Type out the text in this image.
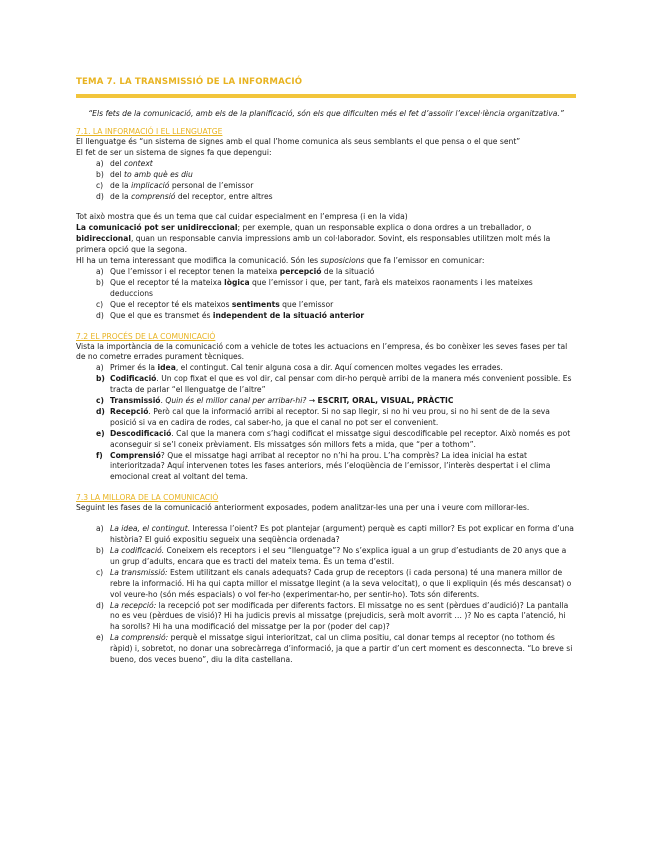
TEMA 7. LA TRANSMISSIÓ DE LA INFORMACIÓ

“Els fets de la comunicació, amb els de la planificació, són els que dificulten més el fet d’assolir l’excel·lència organitzativa.”

7.1. LA INFORMACIÓ I EL LLENGUATGE

El llenguatge és “un sistema de signes amb el qual l’home comunica als seus semblants el que pensa o el que sent”

El fet de ser un sistema de signes fa que depengui:

a) del context
b) del to amb què es diu
c) de la implicació personal de l’emissor
d) de la comprensió del receptor, entre altres

Tot això mostra que és un tema que cal cuidar especialment en l’empresa (i en la vida)

La comunicació pot ser unidireccional; per exemple, quan un responsable explica o dona ordres a un treballador, o bidireccional, quan un responsable canvia impressions amb un col·laborador. Sovint, els responsables utilitzen molt més la primera opció que la segona.

HI ha un tema interessant que modifica la comunicació. Són les suposicions que fa l’emissor en comunicar:

a) Que l’emissor i el receptor tenen la mateixa percepció de la situació
b) Que el receptor té la mateixa lògica que l’emissor i que, per tant, farà els mateixos raonaments i les mateixes deduccions
c) Que el receptor té els mateixos sentiments que l’emissor
d) Que el que es transmet és independent de la situació anterior
7.2 EL PROCÉS DE LA COMUNICACIÓ

Vista la importància de la comunicació com a vehicle de totes les actuacions en l’empresa, és bo conèixer les seves fases per tal de no cometre errades purament tècniques.

a) Primer és la idea, el contingut. Cal tenir alguna cosa a dir. Aquí comencen moltes vegades les errades.
b) Codificació. Un cop fixat el que es vol dir, cal pensar com dir-ho perquè arribi de la manera més convenient possible. Es tracta de parlar “el llenguatge de l’altre”
c) Transmissió. Quin és el millor canal per arribar-hi? → ESCRIT, ORAL, VISUAL, PRÀCTIC
d) Recepció. Però cal que la informació arribi al receptor. Si no sap llegir, si no hi veu prou, si no hi sent de de la seva posició si va en cadira de rodes, cal saber-ho, ja que el canal no pot ser el convenient.
e) Descodificació. Cal que la manera com s’hagi codificat el missatge sigui descodificable pel receptor. Això només es pot aconseguir si se’l coneix prèviament. Els missatges són millors fets a mida, que “per a tothom”.
f) Comprensió? Que el missatge hagi arribat al receptor no n’hi ha prou. L’ha comprès? La idea inicial ha estat interioritzada? Aquí intervenen totes les fases anteriors, més l’eloqüència de l’emissor, l’interès despertat i el clima emocional creat al voltant del tema.
7.3 LA MILLORA DE LA COMUNICACIÓ

Seguint les fases de la comunicació anteriorment exposades, podem analitzar-les una per una i veure com millorar-les.

a) La idea, el contingut. Interessa l’oient? Es pot plantejar (argument) perquè es capti millor? Es pot explicar en forma d’una història? El guió expositiu segueix una seqüència ordenada?
b) La codificació. Coneixem els receptors i el seu “llenguatge”? No s’explica igual a un grup d’estudiants de 20 anys que a un grup d’adults, encara que es tracti del mateix tema. És un tema d’estil.
c) La transmissió: Estem utilitzant els canals adequats? Cada grup de receptors (i cada persona) té una manera millor de rebre la informació. Hi ha qui capta millor el missatge llegint (a la seva velocitat), o que li expliquin (és més descansat) o vol veure-ho (són més espacials) o vol fer-ho (experimentar-ho, per sentir-ho). Tots són diferents.
d) La recepció: la recepció pot ser modificada per diferents factors. El missatge no es sent (pèrdues d’audició)? La pantalla no es veu (pèrdues de visió)? Hi ha judicis previs al missatge (prejudicis, serà molt avorrit … )? No es capta l’atenció, hi ha sorolls? Hi ha una modificació del missatge per la por (poder del cap)?
e) La comprensió: perquè el missatge sigui interioritzat, cal un clima positiu, cal donar temps al receptor (no tothom és ràpid) i, sobretot, no donar una sobrecàrrega d’informació, ja que a partir d’un cert moment es desconnecta. “Lo breve si bueno, dos veces bueno”, diu la dita castellana.
